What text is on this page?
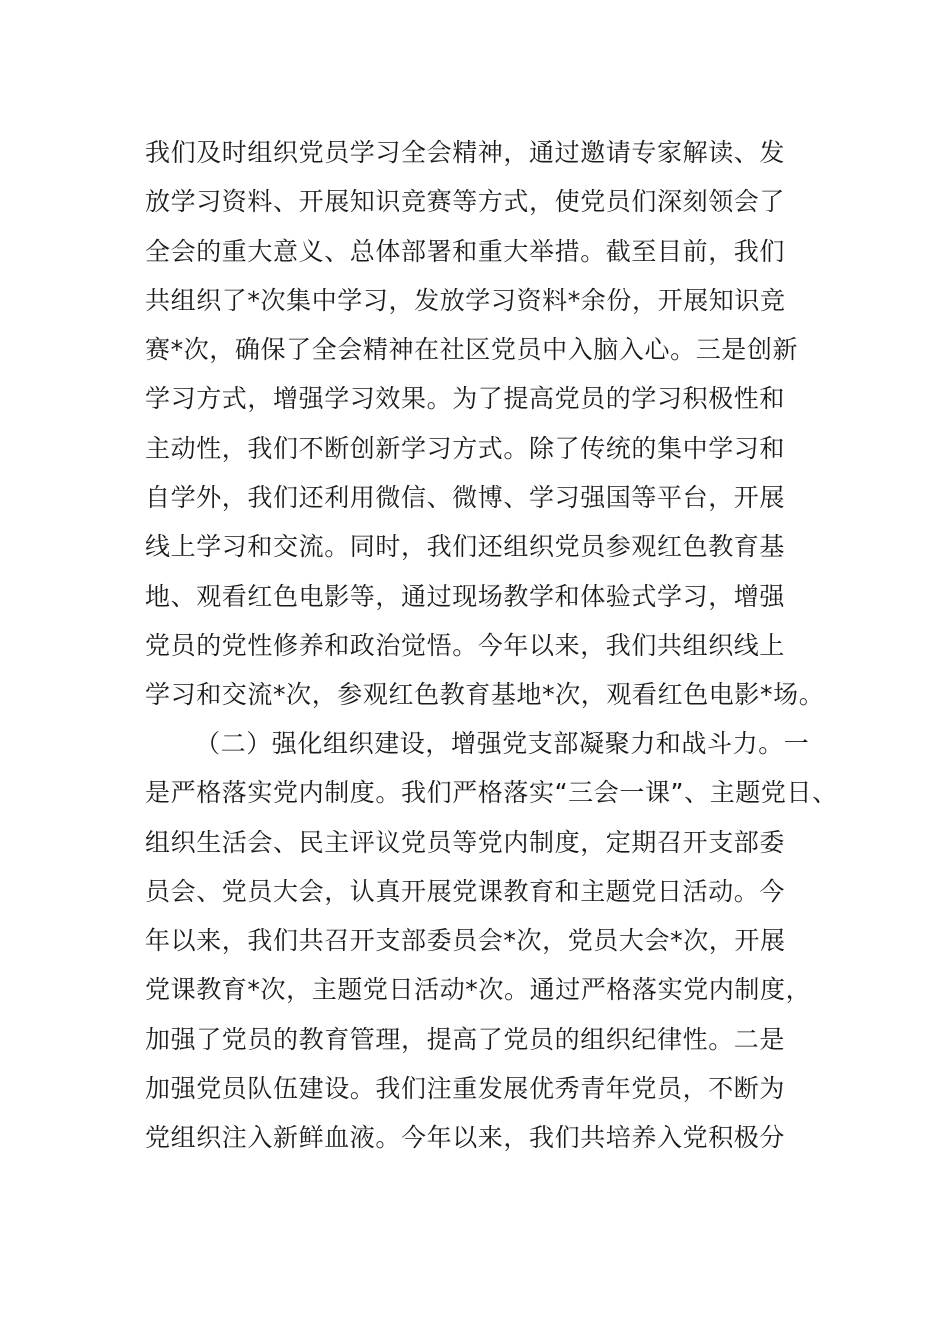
我们及时组织党员学习全会精神，通过邀请专家解读、发
放学习资料、开展知识竞赛等方式，使党员们深刻领会了
全会的重大意义、总体部署和重大举措。截至目前，我们
共组织了*次集中学习，发放学习资料*余份，开展知识竞
赛*次，确保了全会精神在社区党员中入脑入心。三是创新
学习方式，增强学习效果。为了提高党员的学习积极性和
主动性，我们不断创新学习方式。除了传统的集中学习和
自学外，我们还利用微信、微博、学习强国等平台，开展
线上学习和交流。同时，我们还组织党员参观红色教育基
地、观看红色电影等，通过现场教学和体验式学习，增强
党员的党性修养和政治觉悟。今年以来，我们共组织线上
学习和交流*次，参观红色教育基地*次，观看红色电影*场。
（二）强化组织建设，增强党支部凝聚力和战斗力。一
是严格落实党内制度。我们严格落实“三会一课”、主题党日、
组织生活会、民主评议党员等党内制度，定期召开支部委
员会、党员大会，认真开展党课教育和主题党日活动。今
年以来，我们共召开支部委员会*次，党员大会*次，开展
党课教育*次，主题党日活动*次。通过严格落实党内制度，
加强了党员的教育管理，提高了党员的组织纪律性。二是
加强党员队伍建设。我们注重发展优秀青年党员，不断为
党组织注入新鲜血液。今年以来，我们共培养入党积极分
